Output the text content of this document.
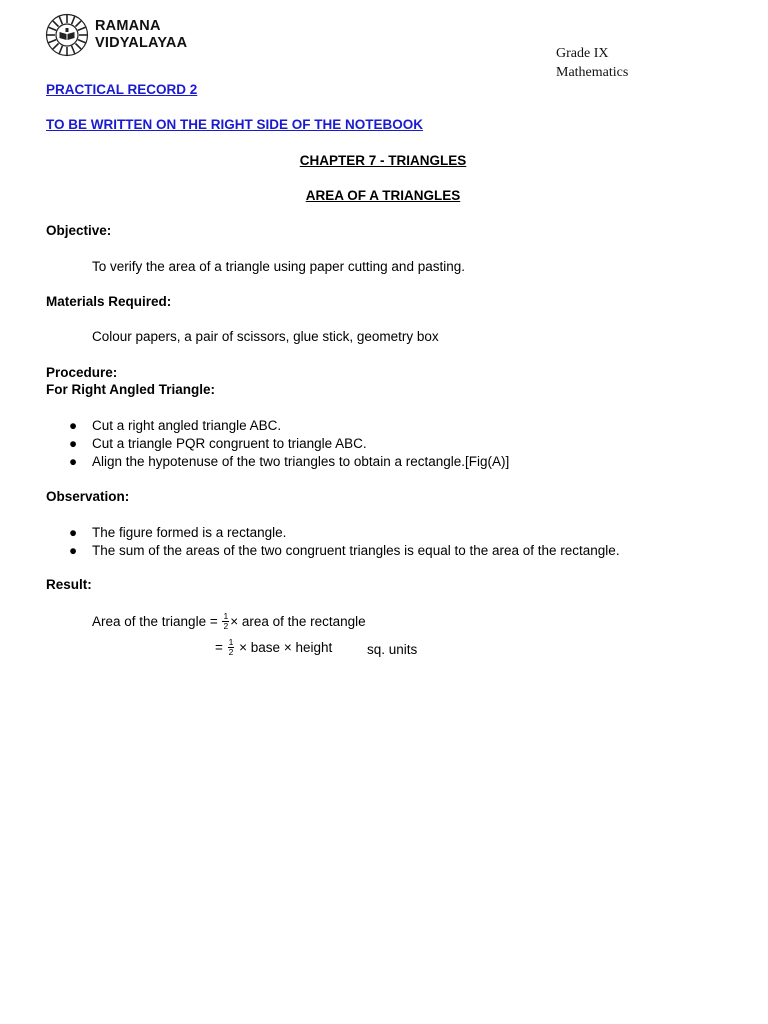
RAMANA
VIDYALAYAA
Grade IX
Mathematics
PRACTICAL RECORD 2
TO BE WRITTEN ON THE RIGHT SIDE OF THE NOTEBOOK
CHAPTER 7 - TRIANGLES
AREA OF A TRIANGLES
Objective:
To verify the area of a triangle using paper cutting and pasting.
Materials Required:
Colour papers, a pair of scissors, glue stick, geometry box
Procedure:
For Right Angled Triangle:
● Cut a right angled triangle ABC.
● Cut a triangle PQR congruent to triangle ABC.
● Align the hypotenuse of the two triangles to obtain a rectangle.[Fig(A)]
Observation:
● The figure formed is a rectangle.
● The sum of the areas of the two congruent triangles is equal to the area of the rectangle.
Result:
Area of the triangle = $\frac{1}{2}$ × area of the rectangle
= $\frac{1}{2}$ × base × height	sq. units
